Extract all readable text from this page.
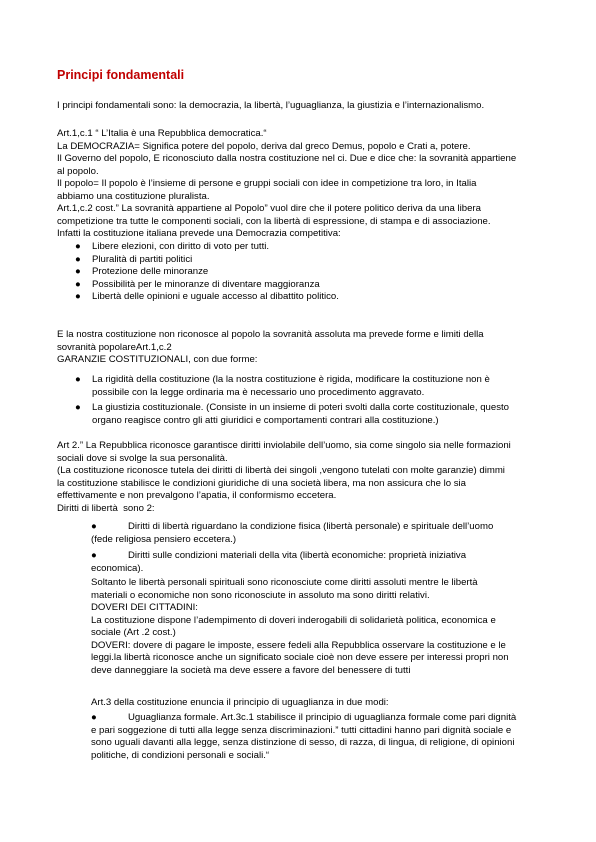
Principi fondamentali

I principi fondamentali sono: la democrazia, la libertà, l’uguaglianza, la giustizia e l’internazionalismo.

Art.1,c.1 “ L’Italia è una Repubblica democratica.“

La DEMOCRAZIA= Significa potere del popolo, deriva dal greco Demus, popolo e Crati a, potere.

Il Governo del popolo, E riconosciuto dalla nostra costituzione nel ci. Due e dice che: la sovranità appartiene

al popolo.

Il popolo= Il popolo è l’insieme di persone e gruppi sociali con idee in competizione tra loro, in Italia

abbiamo una costituzione pluralista.

Art.1,c.2 cost.” La sovranità appartiene al Popolo” vuol dire che il potere politico deriva da una libera

competizione tra tutte le componenti sociali, con la libertà di espressione, di stampa e di associazione.

Infatti la costituzione italiana prevede una Democrazia competitiva:

● Libere elezioni, con diritto di voto per tutti.

● Pluralità di partiti politici

● Protezione delle minoranze

● Possibilità per le minoranze di diventare maggioranza

● Libertà delle opinioni e uguale accesso al dibattito politico.

E la nostra costituzione non riconosce al popolo la sovranità assoluta ma prevede forme e limiti della

sovranità popolareArt.1,c.2

GARANZIE COSTITUZIONALI, con due forme:

● La rigidità della costituzione (la la nostra costituzione è rigida, modificare la costituzione non è

possibile con la legge ordinaria ma è necessario uno procedimento aggravato.

● La giustizia costituzionale. (Consiste in un insieme di poteri svolti dalla corte costituzionale, questo

organo reagisce contro gli atti giuridici e comportamenti contrari alla costituzione.)

Art 2.” La Repubblica riconosce garantisce diritti inviolabile dell’uomo, sia come singolo sia nelle formazioni

sociali dove si svolge la sua personalità.

(La costituzione riconosce tutela dei diritti di libertà dei singoli ,vengono tutelati con molte garanzie) dimmi

la costituzione stabilisce le condizioni giuridiche di una società libera, ma non assicura che lo sia

effettivamente e non prevalgono l’apatia, il conformismo eccetera.

Diritti di libertà  sono 2:

●	Diritti di libertà riguardano la condizione fisica (libertà personale) e spirituale dell’uomo

(fede religiosa pensiero eccetera.)

●	Diritti sulle condizioni materiali della vita (libertà economiche: proprietà iniziativa

economica).

Soltanto le libertà personali spirituali sono riconosciute come diritti assoluti mentre le libertà

materiali o economiche non sono riconosciute in assoluto ma sono diritti relativi.

DOVERI DEI CITTADINI:

La costituzione dispone l’adempimento di doveri inderogabili di solidarietà politica, economica e

sociale (Art .2 cost.)

DOVERI: dovere di pagare le imposte, essere fedeli alla Repubblica osservare la costituzione e le

leggi.la libertà riconosce anche un significato sociale cioè non deve essere per interessi propri non

deve danneggiare la società ma deve essere a favore del benessere di tutti

Art.3 della costituzione enuncia il principio di uguaglianza in due modi:

●	Uguaglianza formale. Art.3c.1 stabilisce il principio di uguaglianza formale come pari dignità

e pari soggezione di tutti alla legge senza discriminazioni.” tutti cittadini hanno pari dignità sociale e

sono uguali davanti alla legge, senza distinzione di sesso, di razza, di lingua, di religione, di opinioni

politiche, di condizioni personali e sociali.“
